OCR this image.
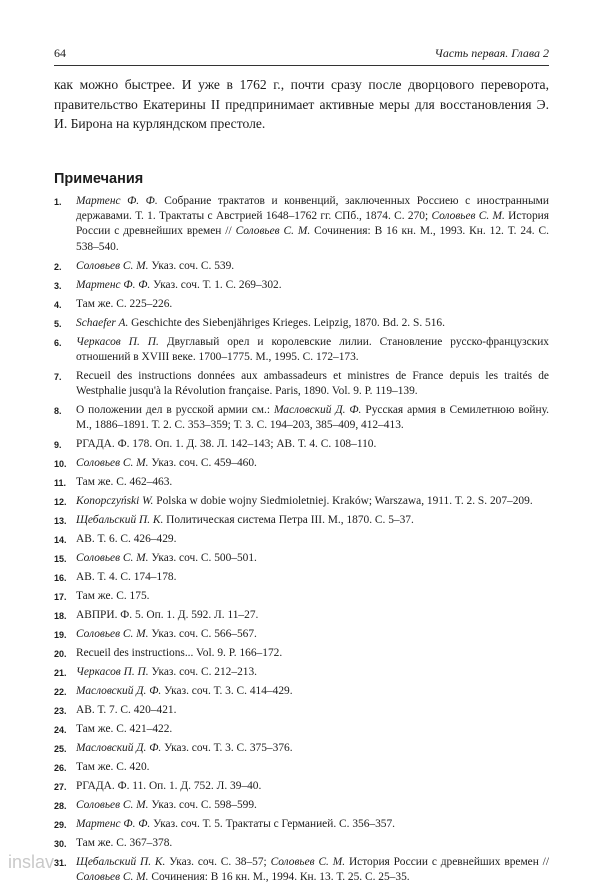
64	Часть первая. Глава 2

как можно быстрее. И уже в 1762 г., почти сразу после дворцового переворота, правительство Екатерины II предпринимает активные меры для восстановления Э. И. Бирона на курляндском престоле.

Примечания
1.	Мартенс Ф. Ф. Собрание трактатов и конвенций, заключенных Россиею с иностранными державами. Т. 1. Трактаты с Австрией 1648–1762 гг. СПб., 1874. С. 270; Соловьев С. М. История России с древнейших времен // Соловьев С. М. Сочинения: В 16 кн. М., 1993. Кн. 12. Т. 24. С. 538–540.
2.	Соловьев С. М. Указ. соч. С. 539.
3.	Мартенс Ф. Ф. Указ. соч. Т. 1. С. 269–302.
4.	Там же. С. 225–226.
5.	Schaefer A. Geschichte des Siebenjähriges Krieges. Leipzig, 1870. Bd. 2. S. 516.
6.	Черкасов П. П. Двуглавый орел и королевские лилии. Становление русско-французских отношений в XVIII веке. 1700–1775. М., 1995. С. 172–173.
7.	Recueil des instructions données aux ambassadeurs et ministres de France depuis les traités de Westphalie jusqu'à la Révolution française. Paris, 1890. Vol. 9. P. 119–139.
8.	О положении дел в русской армии см.: Масловский Д. Ф. Русская армия в Семилетнюю войну. М., 1886–1891. Т. 2. С. 353–359; Т. 3. С. 194–203, 385–409, 412–413.
9.	РГАДА. Ф. 178. Оп. 1. Д. 38. Л. 142–143; АВ. Т. 4. С. 108–110.
10. Соловьев С. М. Указ. соч. С. 459–460.
11. Там же. С. 462–463.
12. Konopczyński W. Polska w dobie wojny Siedmioletniej. Kraków; Warszawa, 1911. T. 2. S. 207–209.
13. Щебальский П. К. Политическая система Петра III. М., 1870. С. 5–37.
14. АВ. Т. 6. С. 426–429.
15. Соловьев С. М. Указ. соч. С. 500–501.
16. АВ. Т. 4. С. 174–178.
17. Там же. С. 175.
18. АВПРИ. Ф. 5. Оп. 1. Д. 592. Л. 11–27.
19. Соловьев С. М. Указ. соч. С. 566–567.
20. Recueil des instructions... Vol. 9. P. 166–172.
21. Черкасов П. П. Указ. соч. С. 212–213.
22. Масловский Д. Ф. Указ. соч. Т. 3. С. 414–429.
23. АВ. Т. 7. С. 420–421.
24. Там же. С. 421–422.
25. Масловский Д. Ф. Указ. соч. Т. 3. С. 375–376.
26. Там же. С. 420.
27. РГАДА. Ф. 11. Оп. 1. Д. 752. Л. 39–40.
28. Соловьев С. М. Указ. соч. С. 598–599.
29. Мартенс Ф. Ф. Указ. соч. Т. 5. Трактаты с Германией. С. 356–357.
30. Там же. С. 367–378.
31. Щебальский П. К. Указ. соч. С. 38–57; Соловьев С. М. История России с древнейших времен // Соловьев С. М. Сочинения: В 16 кн. М., 1994. Кн. 13. Т. 25. С. 25–35.
inslav
